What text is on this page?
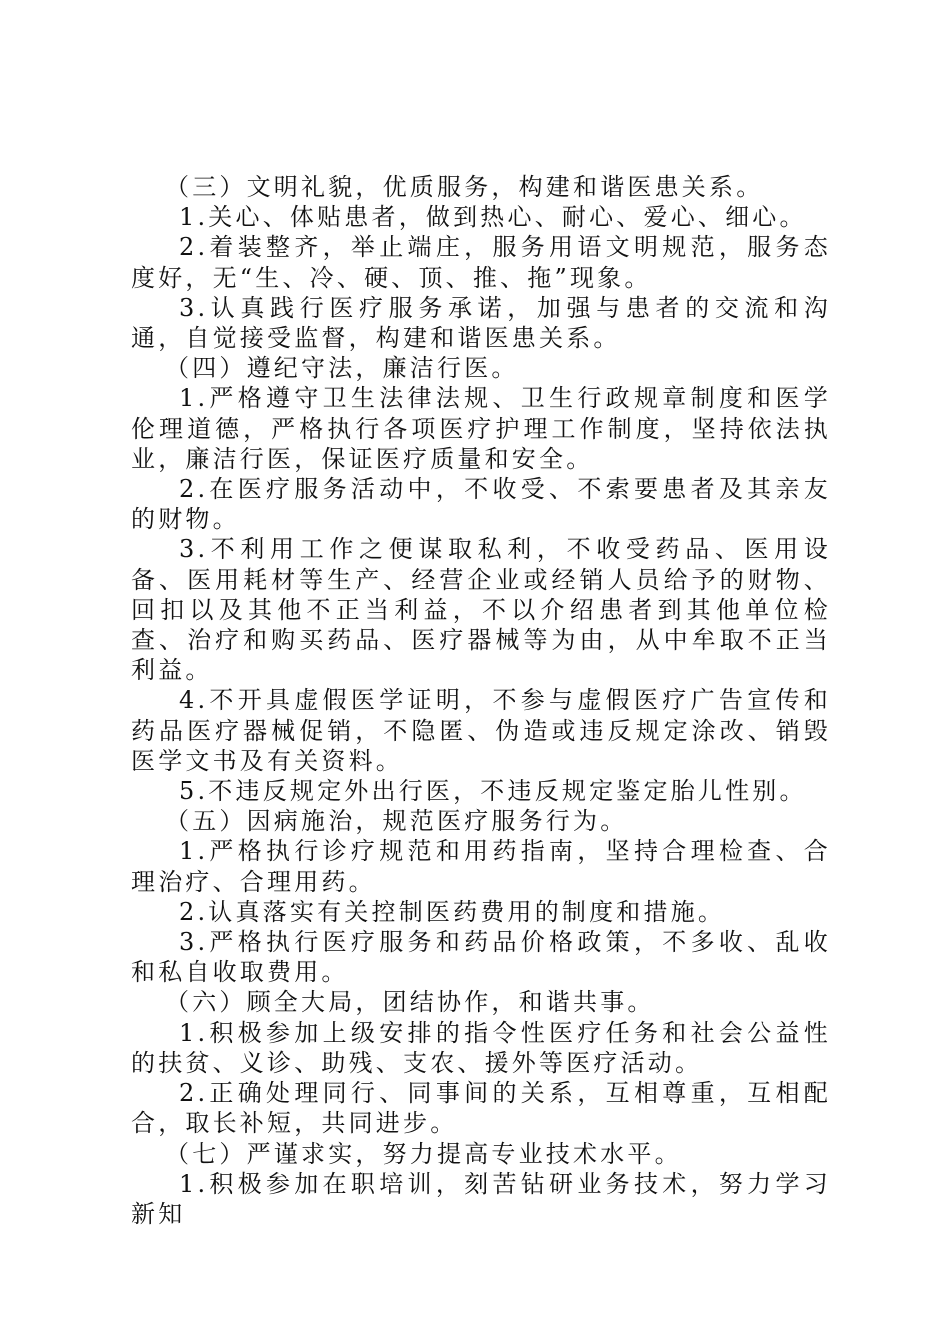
（三）文明礼貌，优质服务，构建和谐医患关系。

1.关心、体贴患者，做到热心、耐心、爱心、细心。

2.着装整齐，举止端庄，服务用语文明规范，服务态度好，无“生、冷、硬、顶、推、拖”现象。

3.认真践行医疗服务承诺，加强与患者的交流和沟通，自觉接受监督，构建和谐医患关系。

（四）遵纪守法，廉洁行医。

1.严格遵守卫生法律法规、卫生行政规章制度和医学伦理道德，严格执行各项医疗护理工作制度，坚持依法执业，廉洁行医，保证医疗质量和安全。

2.在医疗服务活动中，不收受、不索要患者及其亲友的财物。

3.不利用工作之便谋取私利，不收受药品、医用设备、医用耗材等生产、经营企业或经销人员给予的财物、回扣以及其他不正当利益，不以介绍患者到其他单位检查、治疗和购买药品、医疗器械等为由，从中牟取不正当利益。

4.不开具虚假医学证明，不参与虚假医疗广告宣传和药品医疗器械促销，不隐匿、伪造或违反规定涂改、销毁医学文书及有关资料。

5.不违反规定外出行医，不违反规定鉴定胎儿性别。

（五）因病施治，规范医疗服务行为。

1.严格执行诊疗规范和用药指南，坚持合理检查、合理治疗、合理用药。

2.认真落实有关控制医药费用的制度和措施。

3.严格执行医疗服务和药品价格政策，不多收、乱收和私自收取费用。

（六）顾全大局，团结协作，和谐共事。

1.积极参加上级安排的指令性医疗任务和社会公益性的扶贫、义诊、助残、支农、援外等医疗活动。

2.正确处理同行、同事间的关系，互相尊重，互相配合，取长补短，共同进步。

（七）严谨求实，努力提高专业技术水平。

1.积极参加在职培训，刻苦钻研业务技术，努力学习新知
